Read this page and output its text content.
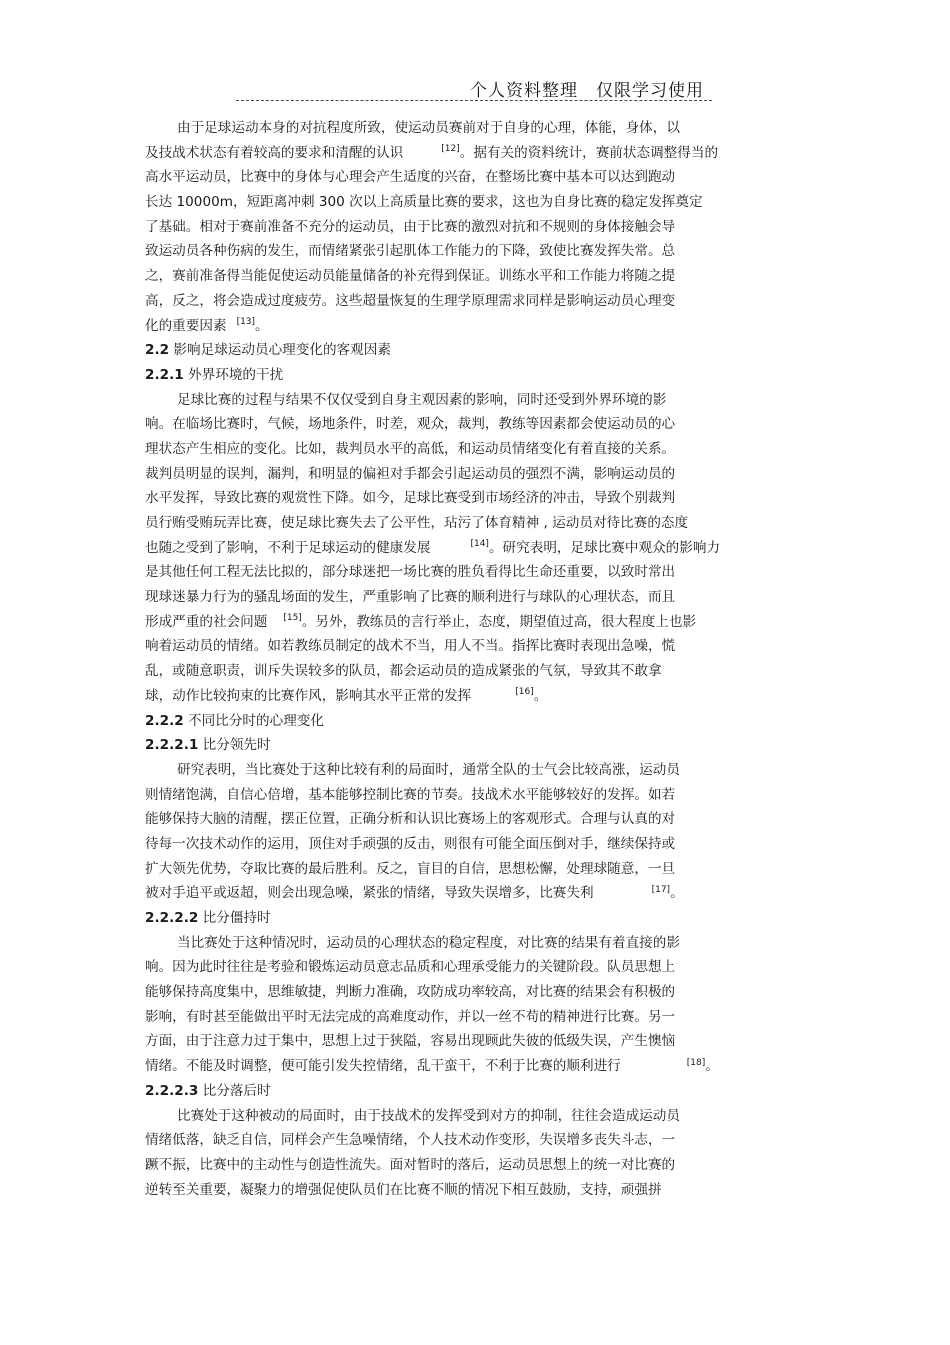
个人资料整理　仅限学习使用
由于足球运动本身的对抗程度所致，使运动员赛前对于自身的心理，体能，身体，以
及技战术状态有着较高的要求和清醒的认识	[12]。据有关的资料统计，赛前状态调整得当的
高水平运动员，比赛中的身体与心理会产生适度的兴奋，在整场比赛中基本可以达到跑动
长达 10000m，短距离冲刺 300 次以上高质量比赛的要求，这也为自身比赛的稳定发挥奠定
了基础。相对于赛前准备不充分的运动员，由于比赛的激烈对抗和不规则的身体接触会导
致运动员各种伤病的发生，而情绪紧张引起肌体工作能力的下降，致使比赛发挥失常。总
之，赛前准备得当能促使运动员能量储备的补充得到保证。训练水平和工作能力将随之提
高，反之，将会造成过度疲劳。这些超量恢复的生理学原理需求同样是影响运动员心理变
化的重要因素 [13]。
2.2 影响足球运动员心理变化的客观因素
2.2.1 外界环境的干扰
足球比赛的过程与结果不仅仅受到自身主观因素的影响，同时还受到外界环境的影
响。在临场比赛时，气候，场地条件，时差，观众，裁判，教练等因素都会使运动员的心
理状态产生相应的变化。比如，裁判员水平的高低，和运动员情绪变化有着直接的关系。
裁判员明显的误判，漏判，和明显的偏袒对手都会引起运动员的强烈不满，影响运动员的
水平发挥，导致比赛的观赏性下降。如今，足球比赛受到市场经济的冲击，导致个别裁判
员行贿受贿玩弄比赛，使足球比赛失去了公平性，玷污了体育精神 , 运动员对待比赛的态度
也随之受到了影响，不利于足球运动的健康发展	[14]。研究表明，足球比赛中观众的影响力
是其他任何工程无法比拟的，部分球迷把一场比赛的胜负看得比生命还重要，以致时常出
现球迷暴力行为的骚乱场面的发生，严重影响了比赛的顺利进行与球队的心理状态，而且
形成严重的社会问题 [15]。另外，教练员的言行举止，态度，期望值过高，很大程度上也影
响着运动员的情绪。如若教练员制定的战术不当，用人不当。指挥比赛时表现出急噪，慌
乱，或随意职责，训斥失误较多的队员，都会运动员的造成紧张的气氛，导致其不敢拿
球，动作比较拘束的比赛作风，影响其水平正常的发挥	[16]。
2.2.2 不同比分时的心理变化
2.2.2.1 比分领先时
研究表明，当比赛处于这种比较有利的局面时，通常全队的士气会比较高涨，运动员
则情绪饱满，自信心倍增，基本能够控制比赛的节奏。技战术水平能够较好的发挥。如若
能够保持大脑的清醒，摆正位置，正确分析和认识比赛场上的客观形式。合理与认真的对
待每一次技术动作的运用，顶住对手顽强的反击，则很有可能全面压倒对手，继续保持或
扩大领先优势，夺取比赛的最后胜利。反之，盲目的自信，思想松懈，处理球随意，一旦
被对手追平或返超，则会出现急噪，紧张的情绪，导致失误增多，比赛失利	[17]。
2.2.2.2 比分僵持时
当比赛处于这种情况时，运动员的心理状态的稳定程度，对比赛的结果有着直接的影
响。因为此时往往是考验和锻炼运动员意志品质和心理承受能力的关键阶段。队员思想上
能够保持高度集中，思维敏捷，判断力准确，攻防成功率较高，对比赛的结果会有积极的
影响，有时甚至能做出平时无法完成的高难度动作，并以一丝不苟的精神进行比赛。另一
方面，由于注意力过于集中，思想上过于狭隘，容易出现顾此失彼的低级失误，产生懊恼
情绪。不能及时调整，便可能引发失控情绪，乱干蛮干，不利于比赛的顺利进行	[18]。
2.2.2.3 比分落后时
比赛处于这种被动的局面时，由于技战术的发挥受到对方的抑制，往往会造成运动员
情绪低落，缺乏自信，同样会产生急噪情绪，个人技术动作变形，失误增多丧失斗志，一
蹶不振，比赛中的主动性与创造性流失。面对暂时的落后，运动员思想上的统一对比赛的
逆转至关重要，凝聚力的增强促使队员们在比赛不顺的情况下相互鼓励，支持，顽强拼
